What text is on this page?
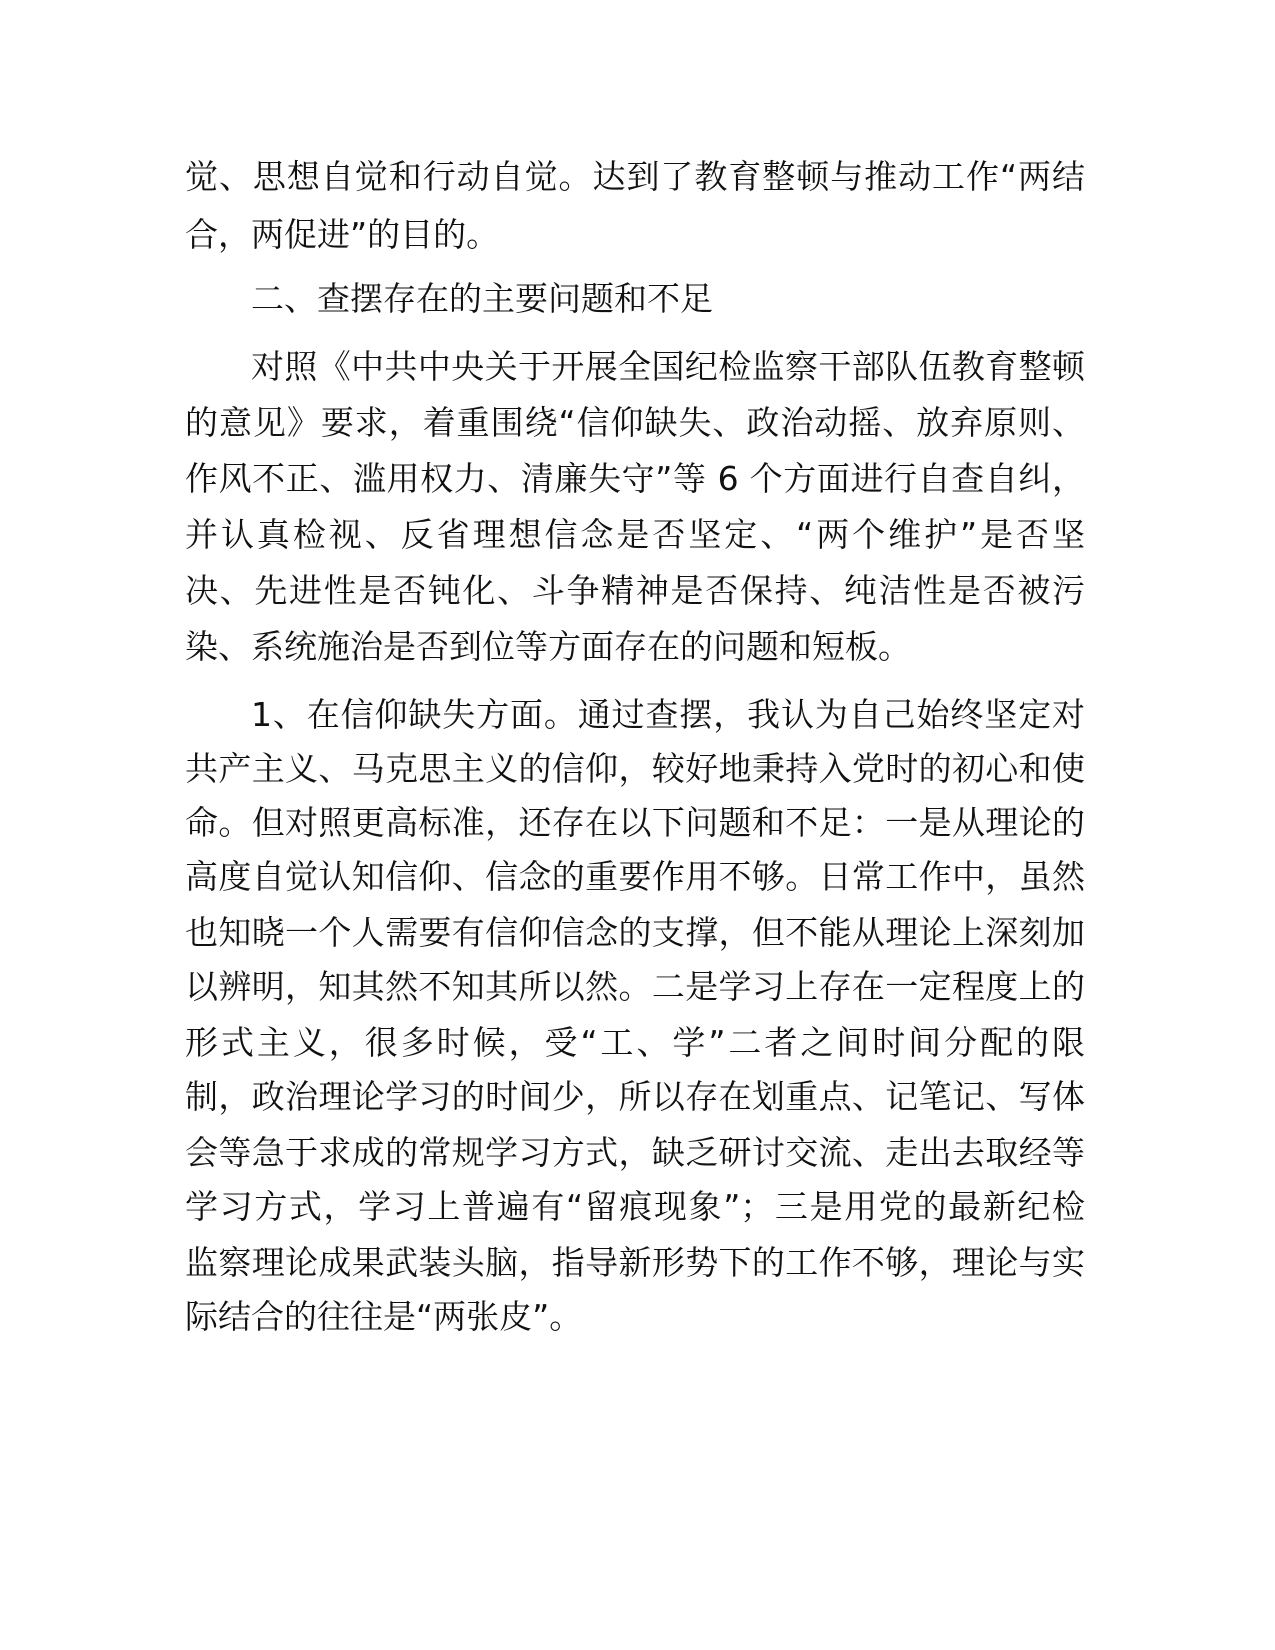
觉、思想自觉和行动自觉。达到了教育整顿与推动工作“两结
合，两促进”的目的。
二、查摆存在的主要问题和不足
对照《中共中央关于开展全国纪检监察干部队伍教育整顿
的意见》要求，着重围绕“信仰缺失、政治动摇、放弃原则、
作风不正、滥用权力、清廉失守”等 6 个方面进行自查自纠，
并认真检视、反省理想信念是否坚定、“两个维护”是否坚
决、先进性是否钝化、斗争精神是否保持、纯洁性是否被污
染、系统施治是否到位等方面存在的问题和短板。
1、在信仰缺失方面。通过查摆，我认为自己始终坚定对
共产主义、马克思主义的信仰，较好地秉持入党时的初心和使
命。但对照更高标准，还存在以下问题和不足：一是从理论的
高度自觉认知信仰、信念的重要作用不够。日常工作中，虽然
也知晓一个人需要有信仰信念的支撑，但不能从理论上深刻加
以辨明，知其然不知其所以然。二是学习上存在一定程度上的
形式主义，很多时候，受“工、学”二者之间时间分配的限
制，政治理论学习的时间少，所以存在划重点、记笔记、写体
会等急于求成的常规学习方式，缺乏研讨交流、走出去取经等
学习方式，学习上普遍有“留痕现象”；三是用党的最新纪检
监察理论成果武装头脑，指导新形势下的工作不够，理论与实
际结合的往往是“两张皮”。
